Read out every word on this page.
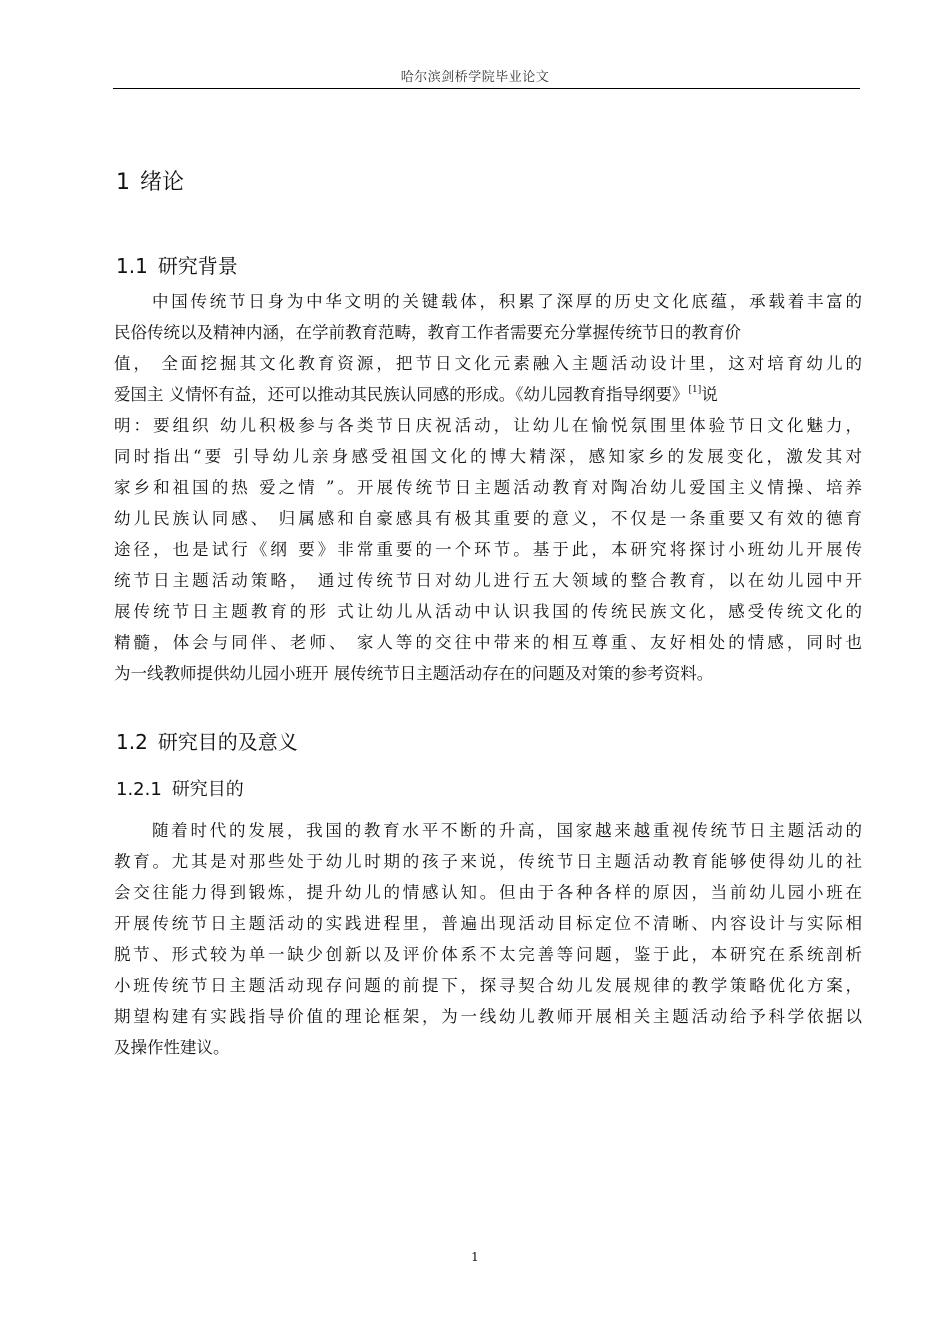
哈尔滨剑桥学院毕业论文
1 绪论
1.1 研究背景
中国传统节日身为中华文明的关键载体，积累了深厚的历史文化底蕴，承载着丰富的
民俗传统以及精神内涵，在学前教育范畴，教育工作者需要充分掌握传统节日的教育价
值， 全面挖掘其文化教育资源，把节日文化元素融入主题活动设计里，这对培育幼儿的
爱国主 义情怀有益，还可以推动其民族认同感的形成。《幼儿园教育指导纲要》[1]说
明：要组织 幼儿积极参与各类节日庆祝活动，让幼儿在愉悦氛围里体验节日文化魅力，
同时指出“要 引导幼儿亲身感受祖国文化的博大精深，感知家乡的发展变化，激发其对
家乡和祖国的热 爱之情 ”。开展传统节日主题活动教育对陶冶幼儿爱国主义情操、培养
幼儿民族认同感、 归属感和自豪感具有极其重要的意义，不仅是一条重要又有效的德育
途径，也是试行《纲 要》非常重要的一个环节。基于此，本研究将探讨小班幼儿开展传
统节日主题活动策略， 通过传统节日对幼儿进行五大领域的整合教育，以在幼儿园中开
展传统节日主题教育的形 式让幼儿从活动中认识我国的传统民族文化，感受传统文化的
精髓，体会与同伴、老师、 家人等的交往中带来的相互尊重、友好相处的情感，同时也
为一线教师提供幼儿园小班开 展传统节日主题活动存在的问题及对策的参考资料。
1.2 研究目的及意义
1.2.1 研究目的
随着时代的发展，我国的教育水平不断的升高，国家越来越重视传统节日主题活动的
教育。尤其是对那些处于幼儿时期的孩子来说，传统节日主题活动教育能够使得幼儿的社
会交往能力得到锻炼，提升幼儿的情感认知。但由于各种各样的原因，当前幼儿园小班在
开展传统节日主题活动的实践进程里，普遍出现活动目标定位不清晰、内容设计与实际相
脱节、形式较为单一缺少创新以及评价体系不太完善等问题，鉴于此，本研究在系统剖析
小班传统节日主题活动现存问题的前提下，探寻契合幼儿发展规律的教学策略优化方案，
期望构建有实践指导价值的理论框架，为一线幼儿教师开展相关主题活动给予科学依据以
及操作性建议。
1
